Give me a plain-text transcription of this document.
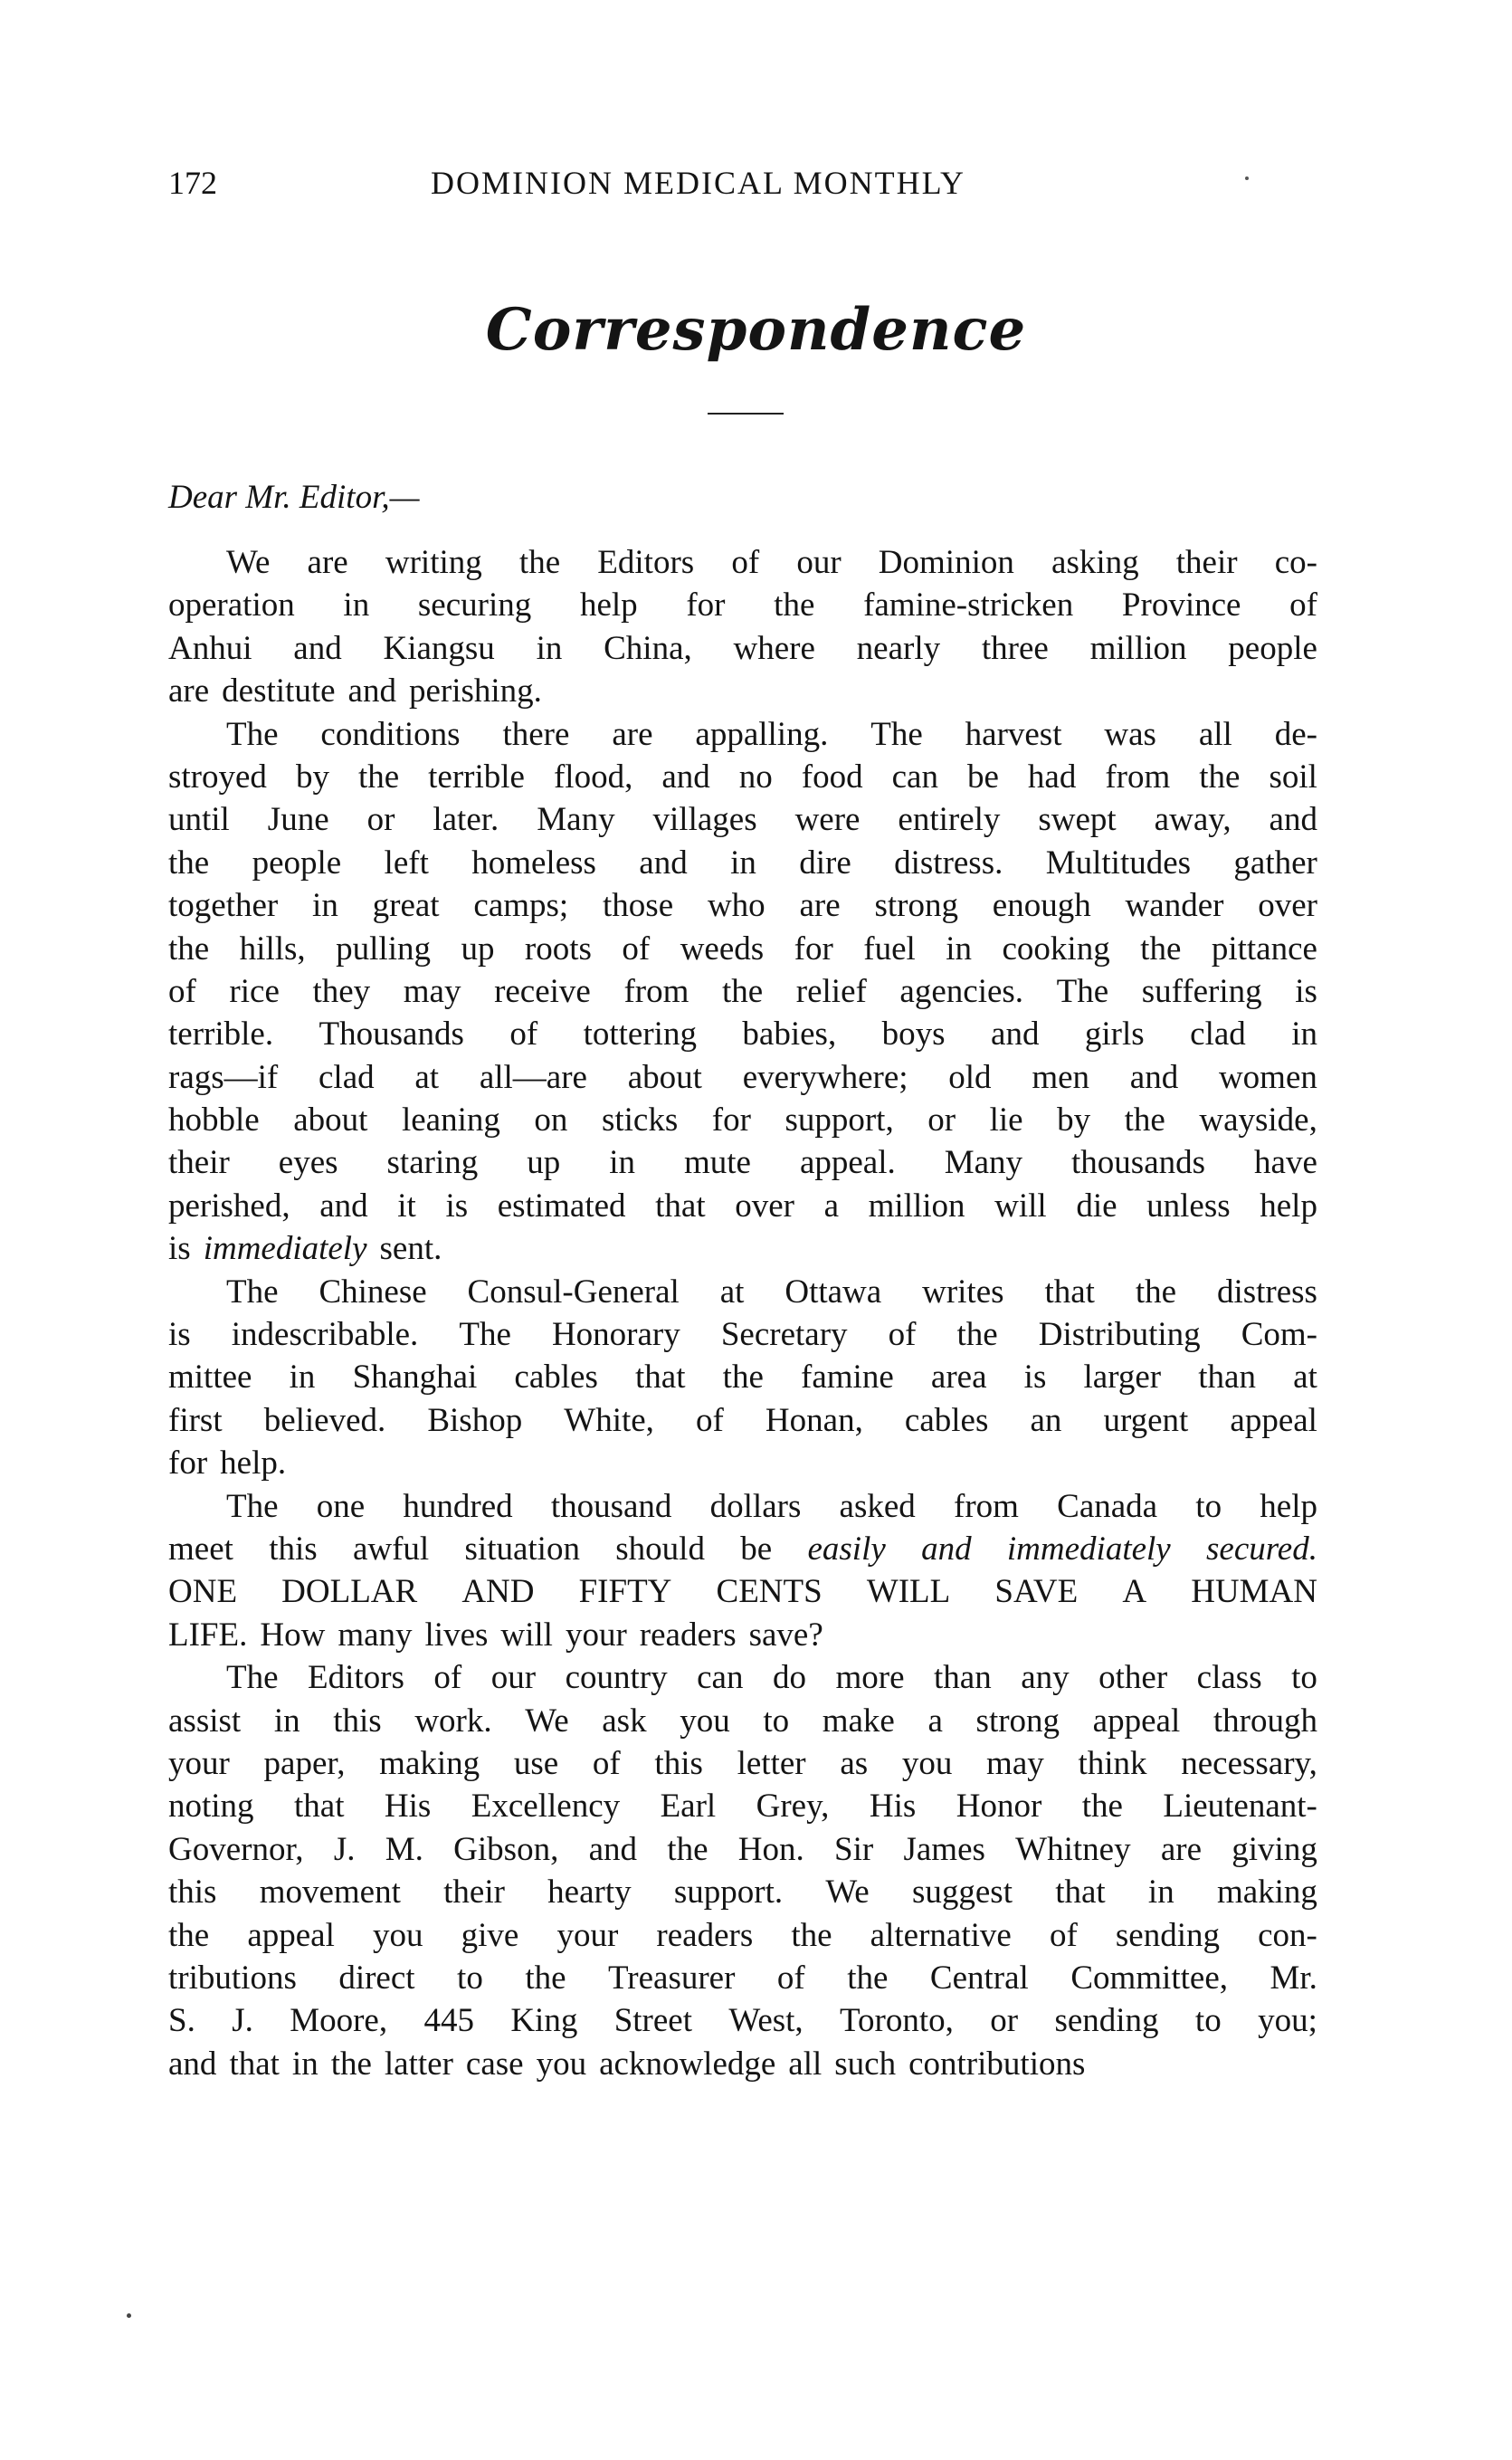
172	DOMINION MEDICAL MONTHLY
Correspondence
Dear Mr. Editor,—
We are writing the Editors of our Dominion asking their co-
operation in securing help for the famine-stricken Province of
Anhui and Kiangsu in China, where nearly three million people
are destitute and perishing.
The conditions there are appalling. The harvest was all de-
stroyed by the terrible flood, and no food can be had from the soil
until June or later. Many villages were entirely swept away, and
the people left homeless and in dire distress. Multitudes gather
together in great camps; those who are strong enough wander over
the hills, pulling up roots of weeds for fuel in cooking the pittance
of rice they may receive from the relief agencies. The suffering is
terrible. Thousands of tottering babies, boys and girls clad in
rags—if clad at all—are about everywhere; old men and women
hobble about leaning on sticks for support, or lie by the wayside,
their eyes staring up in mute appeal. Many thousands have
perished, and it is estimated that over a million will die unless help
is immediately sent.
The Chinese Consul-General at Ottawa writes that the distress
is indescribable. The Honorary Secretary of the Distributing Com-
mittee in Shanghai cables that the famine area is larger than at
first believed. Bishop White, of Honan, cables an urgent appeal
for help.
The one hundred thousand dollars asked from Canada to help
meet this awful situation should be easily and immediately secured.
ONE DOLLAR AND FIFTY CENTS WILL SAVE A HUMAN
LIFE. How many lives will your readers save?
The Editors of our country can do more than any other class to
assist in this work. We ask you to make a strong appeal through
your paper, making use of this letter as you may think necessary,
noting that His Excellency Earl Grey, His Honor the Lieutenant-
Governor, J. M. Gibson, and the Hon. Sir James Whitney are giving
this movement their hearty support. We suggest that in making
the appeal you give your readers the alternative of sending con-
tributions direct to the Treasurer of the Central Committee, Mr.
S. J. Moore, 445 King Street West, Toronto, or sending to you;
and that in the latter case you acknowledge all such contributions
